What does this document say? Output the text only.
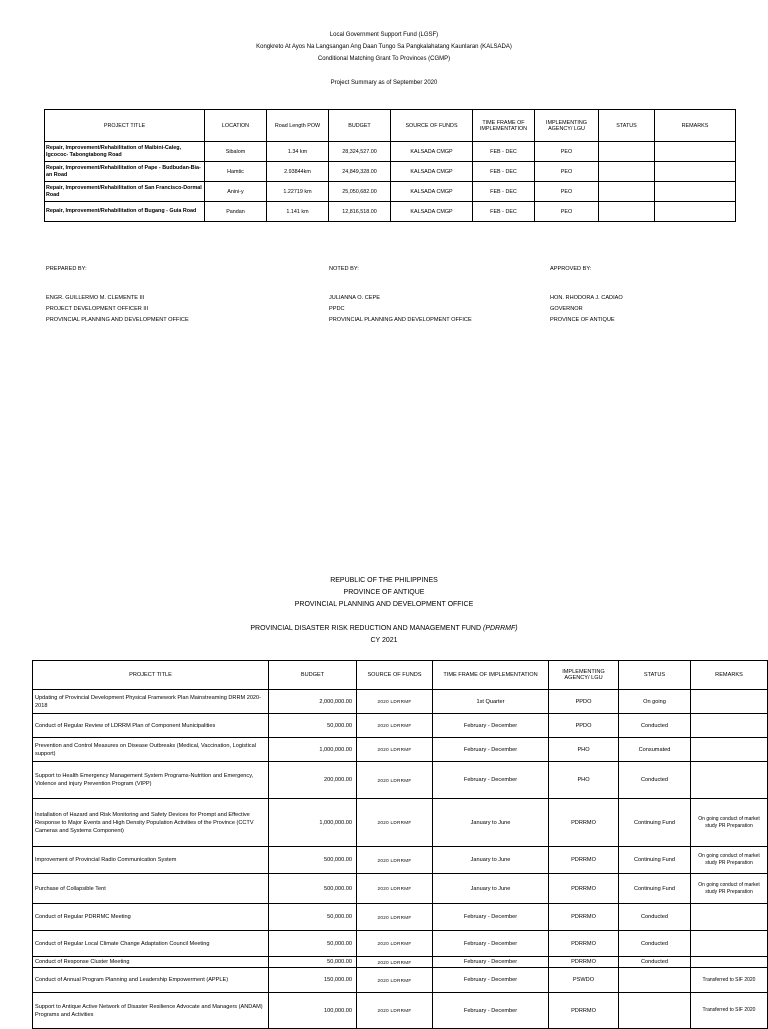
Local Government Support Fund (LGSF)
Kongkreto At Ayos Na Langsangan Ang Daan Tungo Sa Pangkalahatang Kaunlaran (KALSADA)
Conditional Matching Grant To Provinces (CGMP)
Project Summary as of September 2020
PROJECT TITLE	LOCATION	Road Length POW	BUDGET	SOURCE OF FUNDS	TIME FRAME OF IMPLEMENTATION	IMPLEMENTING AGENCY/ LGU	STATUS	REMARKS
Repair, Improvement/Rehabilitation of Maibini-Caleg, Igcococ- Tabongtabong Road	Sibalom	1.34 km	28,324,527.00	KALSADA CMGP	FEB - DEC	PEO		
Repair, Improvement/Rehabilitation of Pape - Budbudan-Bia-an Road	Hamtic	2.93844km	24,849,328.00	KALSADA CMGP	FEB - DEC	PEO		
Repair, Improvement/Rehabilitation of San Francisco-Dormal Road	Anini-y	1.22719 km	25,050,682.00	KALSADA CMGP	FEB - DEC	PEO		
Repair, Improvement/Rehabilitation of Bugang - Guia Road	Pandan	1.141 km	12,816,518.00	KALSADA CMGP	FEB - DEC	PEO		
PREPARED BY:
ENGR. GUILLERMO M. CLEMENTE III
PROJECT DEVELOPMENT OFFICER III
PROVINCIAL PLANNING AND DEVELOPMENT OFFICE
NOTED BY:
JULIANNA O. CEPE
PPDC
PROVINCIAL PLANNING AND DEVELOPMENT OFFICE
APPROVED BY:
HON. RHODORA J. CADIAO
GOVERNOR
PROVINCE OF ANTIQUE
REPUBLIC OF THE PHILIPPINES
PROVINCE OF ANTIQUE
PROVINCIAL PLANNING AND DEVELOPMENT OFFICE
PROVINCIAL DISASTER RISK REDUCTION AND MANAGEMENT FUND (PDRRMF)
CY 2021
PROJECT TITLE	BUDGET	SOURCE OF FUNDS	TIME FRAME OF IMPLEMENTATION	IMPLEMENTING AGENCY/ LGU	STATUS	REMARKS
Updating of Provincial Development Physical Framework Plan Mainstreaming DRRM 2020-2018	2,000,000.00	2020 LDRRMF	1st Quarter	PPDO	On going	
Conduct of Regular Review of LDRRM Plan of Component Municipalities	50,000.00	2020 LDRRMF	February - December	PPDO	Conducted	
Prevention and Control Measures on Disease Outbreaks (Medical, Vaccination, Logistical support)	1,000,000.00	2020 LDRRMF	February - December	PHO	Consumated	
Support to Health Emergency Management System Programs-Nutrition and Emergency, Violence and injury Prevention Program (VIPP)	200,000.00	2020 LDRRMF	February - December	PHO	Conducted	
Installation of Hazard and Risk Monitoring and Safety Devices for Prompt and Effective Response to Major Events and High Density Population Activities of the Province (CCTV Cameras and Systems Component)	1,000,000.00	2020 LDRRMF	January to June	PDRRMO	Continuing Fund	On going conduct of market study PR Preparation
Improvement of Provincial Radio Communication System	500,000.00	2020 LDRRMF	January to June	PDRRMO	Continuing Fund	On going conduct of market study PR Preparation
Purchase of Collapsible Tent	500,000.00	2020 LDRRMF	January to June	PDRRMO	Continuing Fund	On going conduct of market study PR Preparation
Conduct of Regular PDRRMC Meeting	50,000.00	2020 LDRRMF	February - December	PDRRMO	Conducted	
Conduct of Regular Local Climate Change Adaptation Council Meeting	50,000.00	2020 LDRRMF	February - December	PDRRMO	Conducted	
Conduct of Response Cluster Meeting	50,000.00	2020 LDRRMF	February - December	PDRRMO	Conducted	
Conduct of Annual Program Planning and Leadership Empowerment (APPLE)	150,000.00	2020 LDRRMF	February - December	PSWDO		Transferred to SIF 2020
Support to Antique Active Network of Disaster Resilience Advocate and Managers (ANDAM) Programs and Activities	100,000.00	2020 LDRRMF	February - December	PDRRMO		Transferred to SIF 2020
